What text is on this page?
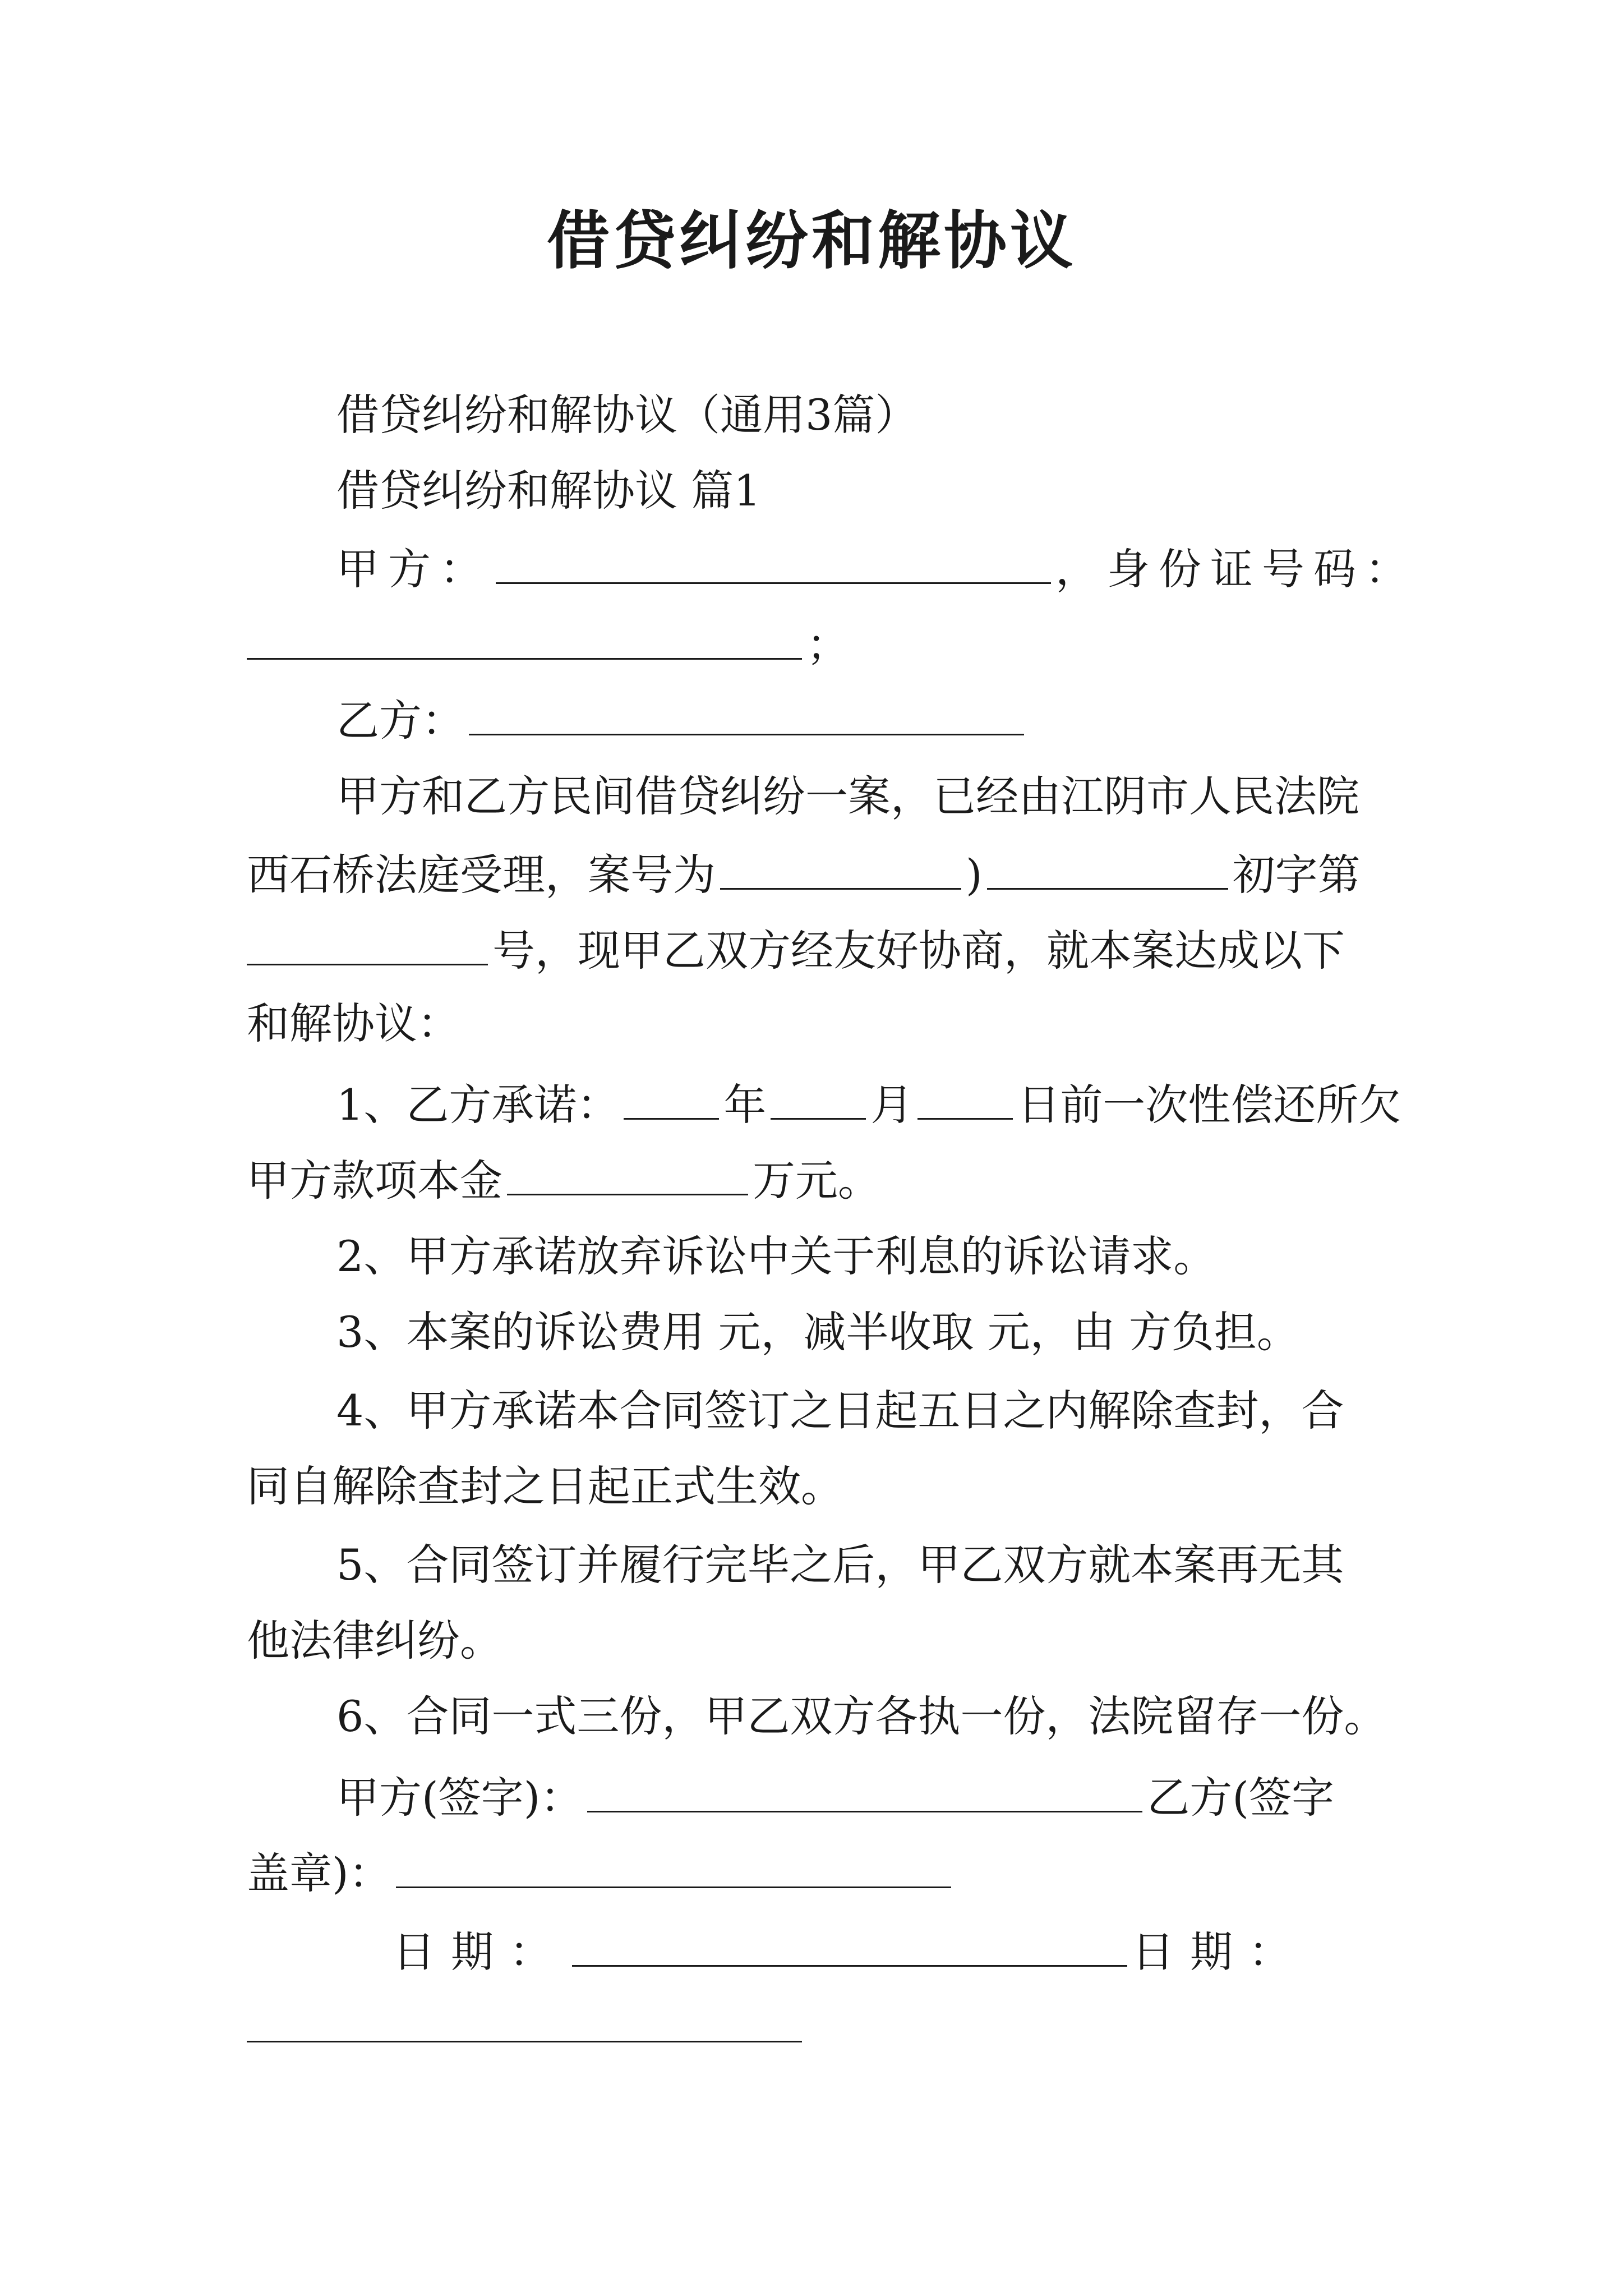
借贷纠纷和解协议
借贷纠纷和解协议（通用3篇）
借贷纠纷和解协议 篇1
甲方：	，身份证号码：
；
乙方：
甲方和乙方民间借贷纠纷一案，已经由江阴市人民法院
西石桥法庭受理，案号为	)	初字第
号，现甲乙双方经友好协商，就本案达成以下
和解协议：
1、乙方承诺： 年 月 日前一次性偿还所欠
甲方款项本金	万元。
2、甲方承诺放弃诉讼中关于利息的诉讼请求。
3、本案的诉讼费用 元，减半收取 元，由 方负担。
4、甲方承诺本合同签订之日起五日之内解除查封，合
同自解除查封之日起正式生效。
5、合同签订并履行完毕之后，甲乙双方就本案再无其
他法律纠纷。
6、合同一式三份，甲乙双方各执一份，法院留存一份。
甲方(签字)：	乙方(签字
盖章)：
日期：	日期：
